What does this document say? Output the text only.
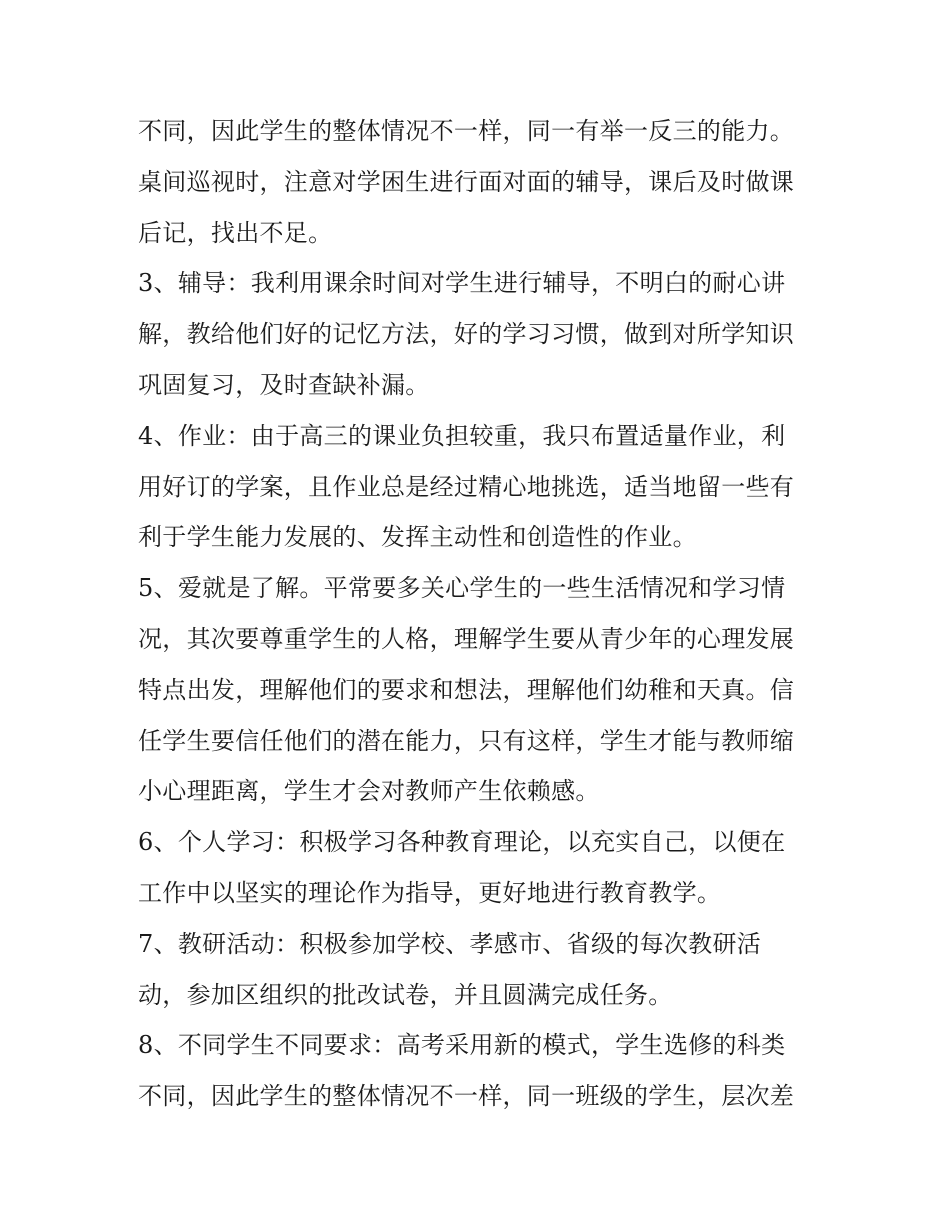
不同，因此学生的整体情况不一样，同一有举一反三的能力。
桌间巡视时，注意对学困生进行面对面的辅导，课后及时做课
后记，找出不足。
3、辅导：我利用课余时间对学生进行辅导，不明白的耐心讲
解，教给他们好的记忆方法，好的学习习惯，做到对所学知识
巩固复习，及时查缺补漏。
4、作业：由于高三的课业负担较重，我只布置适量作业，利
用好订的学案，且作业总是经过精心地挑选，适当地留一些有
利于学生能力发展的、发挥主动性和创造性的作业。
5、爱就是了解。平常要多关心学生的一些生活情况和学习情
况，其次要尊重学生的人格，理解学生要从青少年的心理发展
特点出发，理解他们的要求和想法，理解他们幼稚和天真。信
任学生要信任他们的潜在能力，只有这样，学生才能与教师缩
小心理距离，学生才会对教师产生依赖感。
6、个人学习：积极学习各种教育理论，以充实自己，以便在
工作中以坚实的理论作为指导，更好地进行教育教学。
7、教研活动：积极参加学校、孝感市、省级的每次教研活
动，参加区组织的批改试卷，并且圆满完成任务。
8、不同学生不同要求：高考采用新的模式，学生选修的科类
不同，因此学生的整体情况不一样，同一班级的学生，层次差
